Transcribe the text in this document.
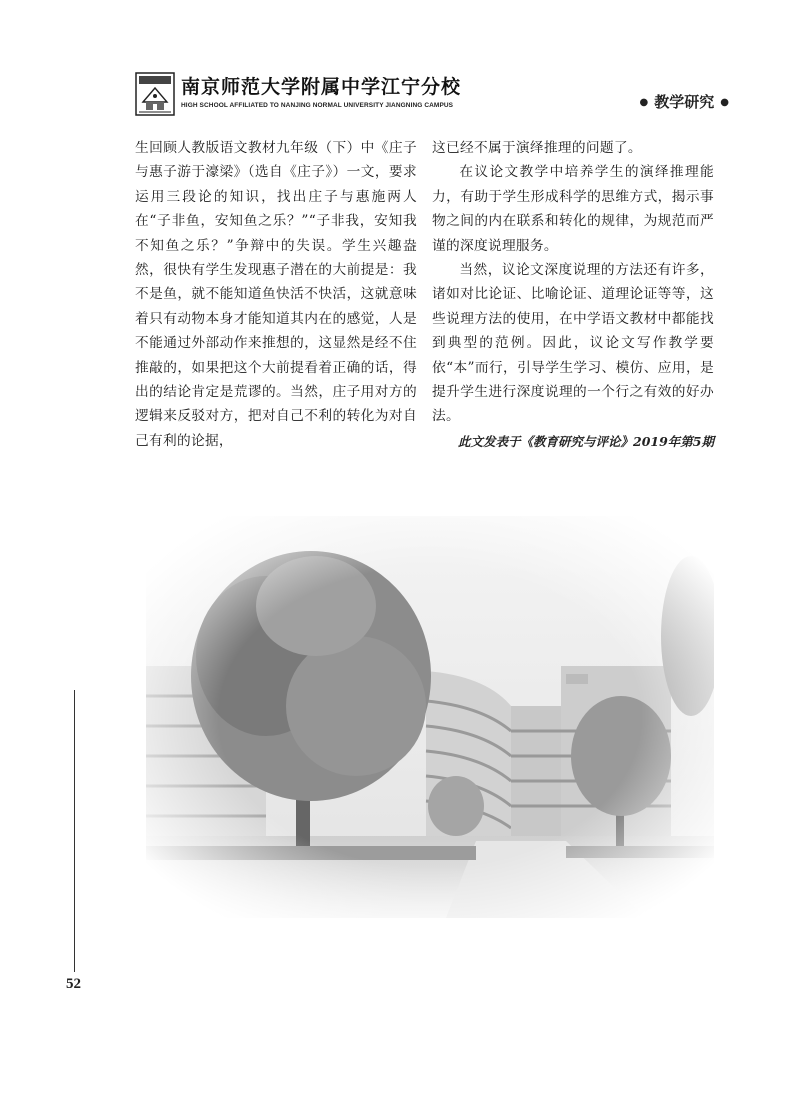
南京师范大学附属中学江宁分校
HIGH SCHOOL AFFILIATED TO NANJING NORMAL UNIVERSITY JIANGNING CAMPUS	● 教学研究 ●

生回顾人教版语文教材九年级（下）中《庄子与惠子游于濠梁》（选自《庄子》）一文，要求运用三段论的知识，找出庄子与惠施两人在“子非鱼，安知鱼之乐？”“子非我，安知我不知鱼之乐？”争辩中的失误。学生兴趣盎然，很快有学生发现惠子潜在的大前提是：我不是鱼，就不能知道鱼快活不快活，这就意味着只有动物本身才能知道其内在的感觉，人是不能通过外部动作来推想的，这显然是经不住推敲的，如果把这个大前提看着正确的话，得出的结论肯定是荒谬的。当然，庄子用对方的逻辑来反驳对方，把对自己不利的转化为对自己有利的论据，

这已经不属于演绎推理的问题了。

在议论文教学中培养学生的演绎推理能力，有助于学生形成科学的思维方式，揭示事物之间的内在联系和转化的规律，为规范而严谨的深度说理服务。

当然，议论文深度说理的方法还有许多，诸如对比论证、比喻论证、道理论证等等，这些说理方法的使用，在中学语文教材中都能找到典型的范例。因此，议论文写作教学要依“本”而行，引导学生学习、模仿、应用，是提升学生进行深度说理的一个行之有效的好办法。

此文发表于《教育研究与评论》2019年第5期
52
